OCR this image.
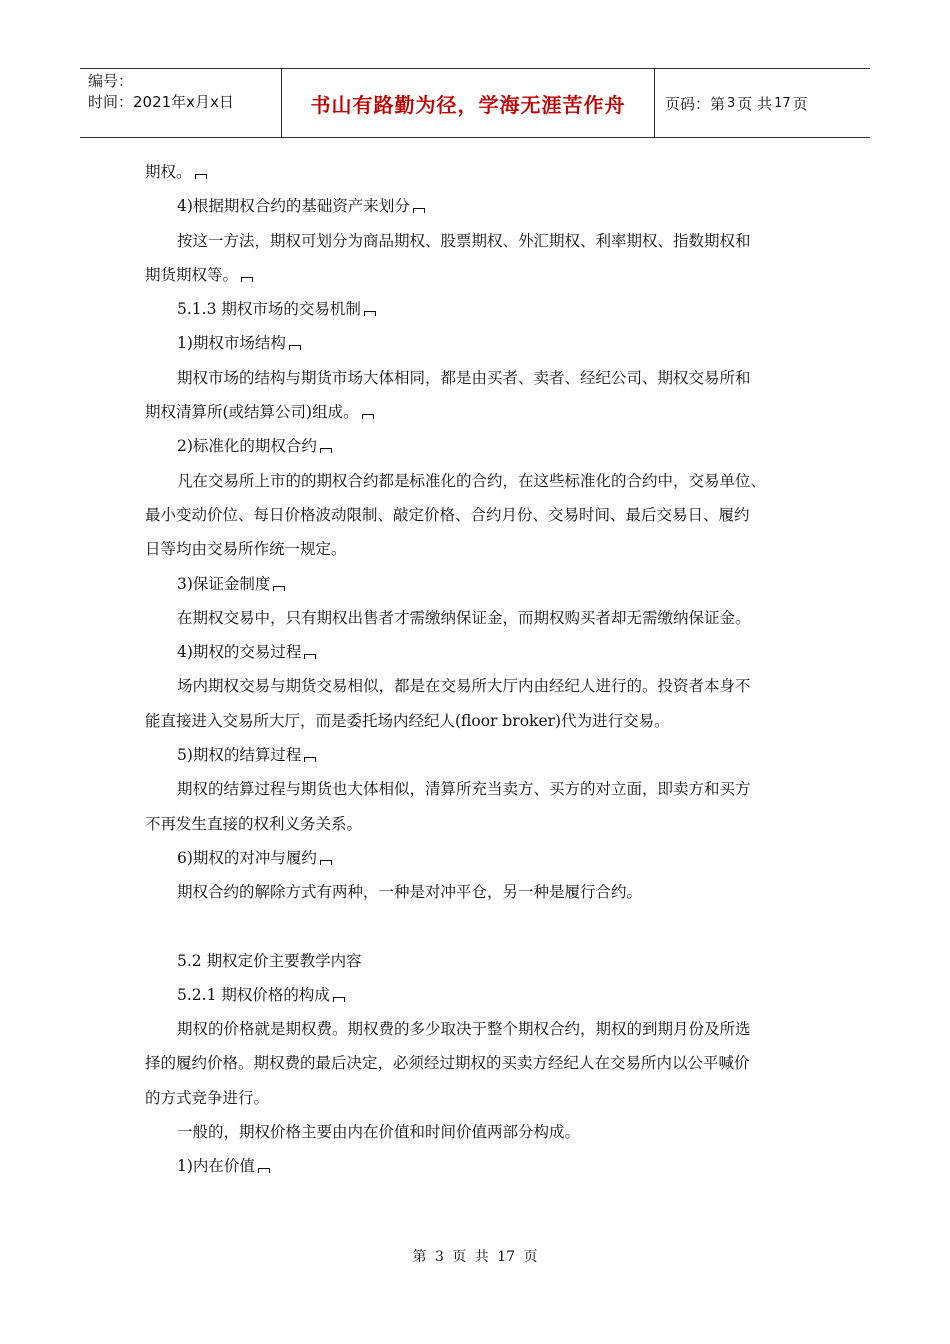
编号：
时间：2021年x月x日	书山有路勤为径，学海无涯苦作舟	页码：第 3 页 共 17 页

期权。

4)根据期权合约的基础资产来划分

按这一方法，期权可划分为商品期权、股票期权、外汇期权、利率期权、指数期权和

期货期权等。

5.1.3 期权市场的交易机制

1)期权市场结构

期权市场的结构与期货市场大体相同，都是由买者、卖者、经纪公司、期权交易所和

期权清算所(或结算公司)组成。

2)标准化的期权合约

凡在交易所上市的的期权合约都是标准化的合约，在这些标准化的合约中，交易单位、

最小变动价位、每日价格波动限制、敲定价格、合约月份、交易时间、最后交易日、履约

日等均由交易所作统一规定。

3)保证金制度

在期权交易中，只有期权出售者才需缴纳保证金，而期权购买者却无需缴纳保证金。

4)期权的交易过程

场内期权交易与期货交易相似，都是在交易所大厅内由经纪人进行的。投资者本身不

能直接进入交易所大厅，而是委托场内经纪人(floor broker)代为进行交易。

5)期权的结算过程

期权的结算过程与期货也大体相似，清算所充当卖方、买方的对立面，即卖方和买方

不再发生直接的权利义务关系。

6)期权的对冲与履约

期权合约的解除方式有两种，一种是对冲平仓，另一种是履行合约。

5.2 期权定价主要教学内容

5.2.1 期权价格的构成

期权的价格就是期权费。期权费的多少取决于整个期权合约，期权的到期月份及所选

择的履约价格。期权费的最后决定，必须经过期权的买卖方经纪人在交易所内以公平喊价

的方式竞争进行。

一般的，期权价格主要由内在价值和时间价值两部分构成。

1)内在价值

第 3 页 共 17 页
